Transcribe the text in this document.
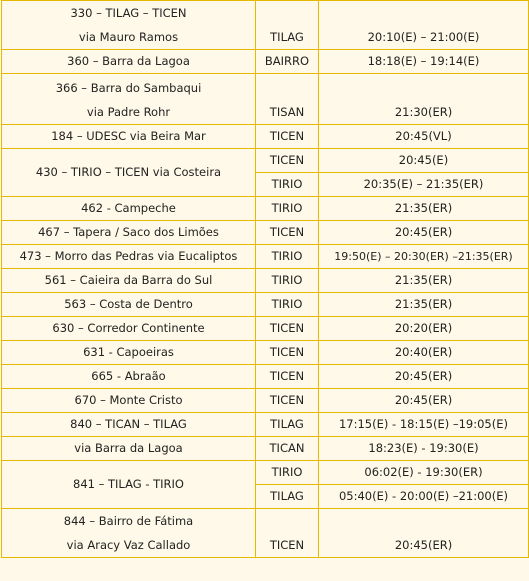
330 – TILAG – TICEN
via Mauro Ramos	TILAG	20:10(E) – 21:00(E)
360 – Barra da Lagoa	BAIRRO	18:18(E) – 19:14(E)

366 – Barra do Sambaqui
via Padre Rohr	TISAN	21:30(ER)
184 – UDESC via Beira Mar	TICEN	20:45(VL)
430 – TIRIO – TICEN via Costeira	TICEN	20:45(E)
	TIRIO	20:35(E) – 21:35(ER)
462 - Campeche	TIRIO	21:35(ER)
467 – Tapera / Saco dos Limões	TICEN	20:45(ER)
473 – Morro das Pedras via Eucaliptos	TIRIO	19:50(E) – 20:30(ER) –21:35(ER)
561 – Caieira da Barra do Sul	TIRIO	21:35(ER)
563 – Costa de Dentro	TIRIO	21:35(ER)
630 – Corredor Continente	TICEN	20:20(ER)
631 - Capoeiras	TICEN	20:40(ER)
665 - Abraão	TICEN	20:45(ER)
670 – Monte Cristo	TICEN	20:45(ER)
840 – TICAN – TILAG	TILAG	17:15(E) - 18:15(E) –19:05(E)
via Barra da Lagoa	TICAN	18:23(E) - 19:30(E)
841 – TILAG - TIRIO	TIRIO	06:02(E) - 19:30(ER)
	TILAG	05:40(E) - 20:00(E) –21:00(E)

844 – Bairro de Fátima
via Aracy Vaz Callado	TICEN	20:45(ER)
